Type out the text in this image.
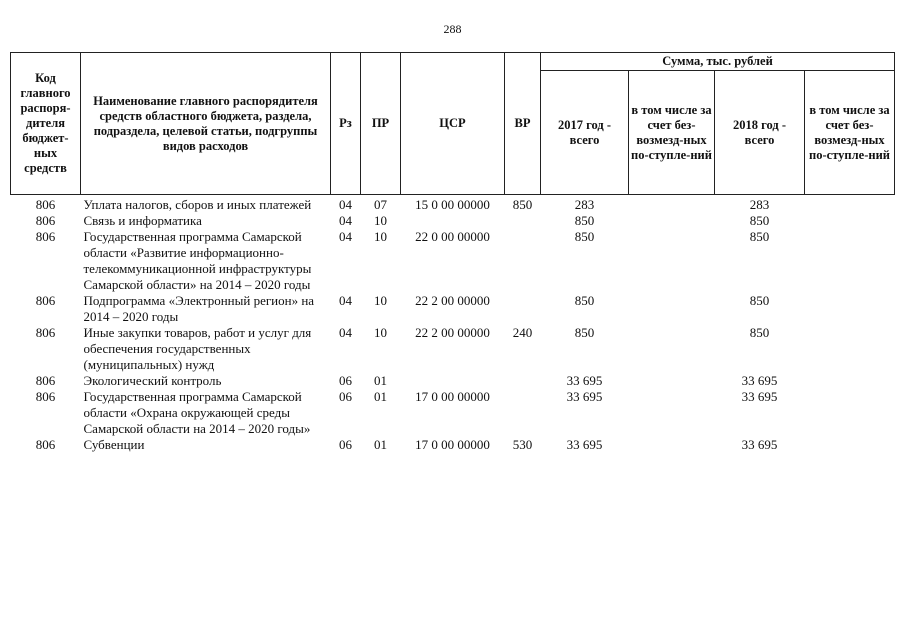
288
Код главного распоря-дителя бюджет-ных средств	Наименование главного распорядителя средств областного бюджета, раздела, подраздела, целевой статьи, подгруппы видов расходов	Рз	ПР	ЦСР	ВР	Сумма, тыс. рублей			
						2017 год - всего	в том числе за счет без-возмезд-ных по-ступле-ний	2018 год - всего	в том числе за счет без-возмезд-ных по-ступле-ний
806	Уплата налогов, сборов и иных платежей	04	07	15 0 00 00000	850	283		283	
806	Связь и информатика	04	10			850		850	
806	Государственная программа Самарской области «Развитие информационно-телекоммуникационной инфраструктуры Самарской области» на 2014 – 2020 годы	04	10	22 0 00 00000		850		850	
806	Подпрограмма «Электронный регион» на 2014 – 2020 годы	04	10	22 2 00 00000		850		850	
806	Иные закупки товаров, работ и услуг для обеспечения государственных (муниципальных) нужд	04	10	22 2 00 00000	240	850		850	
806	Экологический контроль	06	01			33 695		33 695	
806	Государственная программа Самарской области «Охрана окружающей среды Самарской области на 2014 – 2020 годы»	06	01	17 0 00 00000		33 695		33 695	
806	Субвенции	06	01	17 0 00 00000	530	33 695		33 695	
